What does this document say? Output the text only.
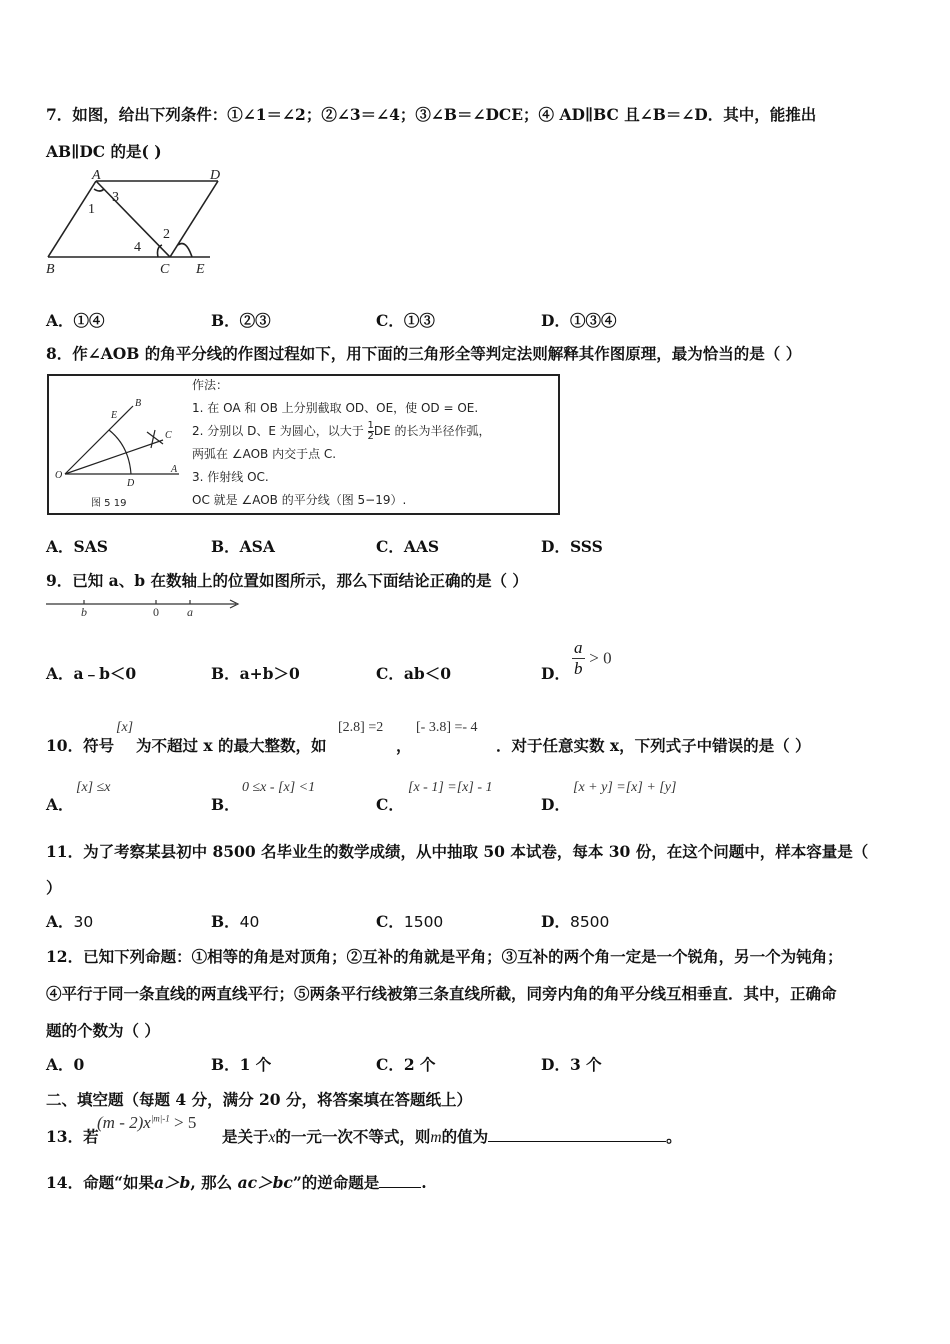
7．如图，给出下列条件：①∠1＝∠2；②∠3＝∠4；③∠B＝∠DCE；④ AD∥BC 且∠B＝∠D．其中，能推出
AB∥DC 的是( )
A	D
B	C E
1
2
3
4
A．①④	B．②③	C．①③	D．①③④
8．作∠AOB 的角平分线的作图过程如下，用下面的三角形全等判定法则解释其作图原理，最为恰当的是（ ）
E
B
C
O
D
A
图 5 19
作法：
1. 在 OA 和 OB 上分别截取 OD、OE，使 OD = OE.
2. 分别以 D、E 为圆心，以大于 $\frac{1}{2}$ DE 的长为半径作弧，
两弧在 ∠AOB 内交于点 C.
3. 作射线 OC.
OC 就是 ∠AOB 的平分线（图 5−19）.
A．SAS	B．ASA	C．AAS	D．SSS
9．已知 a、b 在数轴上的位置如图所示，那么下面结论正确的是（ ）
b	0 a
A．a﹣b＜0	B．a+b＞0	C．ab＜0	D． $\frac{a}{b} > 0$
10．符号
[x]
为不超过 x 的最大整数，如
[2.8] =2
，
[- 3.8] =- 4
．对于任意实数 x，下列式子中错误的是（ ）
A．
[x] ≤x
B．
0 ≤x - [x] <1
C．
[x - 1] =[x] - 1
D．
[x + y] =[x] + [y]
11．为了考察某县初中 8500 名毕业生的数学成绩，从中抽取 50 本试卷，每本 30 份，在这个问题中，样本容量是（
）
A．30	B．40	C．1500	D．8500
12．已知下列命题：①相等的角是对顶角；②互补的角就是平角；③互补的两个角一定是一个锐角，另一个为钝角；
④平行于同一条直线的两直线平行；⑤两条平行线被第三条直线所截，同旁内角的角平分线互相垂直．其中，正确命
题的个数为（ ）
A．0	B．1 个	C．2 个	D．3 个
二、填空题（每题 4 分，满分 20 分，将答案填在答题纸上）
13．若
$(m - 2)x^{|m|-1} > 5$
是关于x的一元一次不等式，则m的值为	。
14．命题“如果a＞b, 那么 ac＞bc”的逆命题是	.
